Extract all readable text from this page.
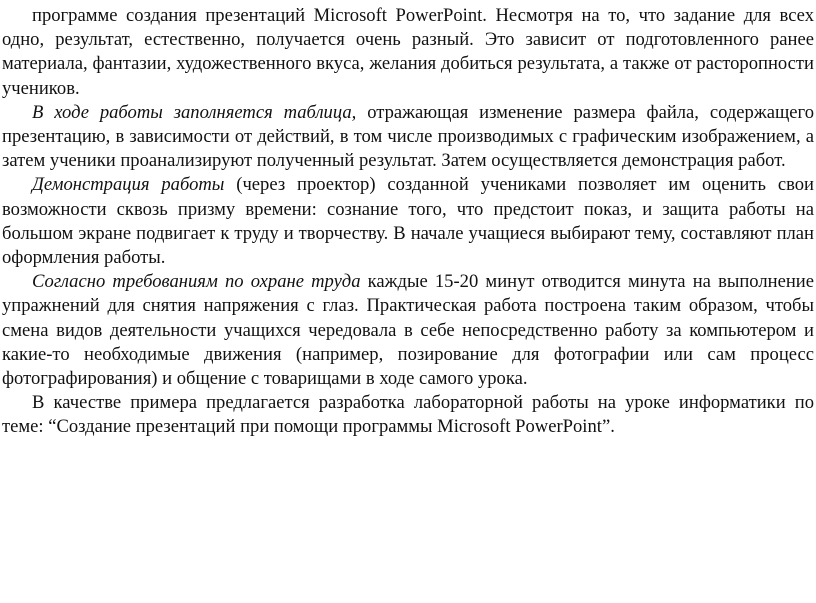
программе создания презентаций Microsoft PowerPoint. Несмотря на то, что задание для всех одно, результат, естественно, получается очень разный. Это зависит от подготовленного ранее материала, фантазии, художественного вкуса, желания добиться результата, а также от расторопности учеников.

В ходе работы заполняется таблица, отражающая изменение размера файла, содержащего презентацию, в зависимости от действий, в том числе производимых с графическим изображением, а затем ученики проанализируют полученный результат. Затем осуществляется демонстрация работ.

Демонстрация работы (через проектор) созданной учениками позволяет им оценить свои возможности сквозь призму времени: сознание того, что предстоит показ, и защита работы на большом экране подвигает к труду и творчеству. В начале учащиеся выбирают тему, составляют план оформления работы.

Согласно требованиям по охране труда каждые 15-20 минут отводится минута на выполнение упражнений для снятия напряжения с глаз. Практическая работа построена таким образом, чтобы смена видов деятельности учащихся чередовала в себе непосредственно работу за компьютером и какие-то необходимые движения (например, позирование для фотографии или сам процесс фотографирования) и общение с товарищами в ходе самого урока.

В качестве примера предлагается разработка лабораторной работы на уроке информатики по теме: “Создание презентаций при помощи программы Microsoft PowerPoint”.
